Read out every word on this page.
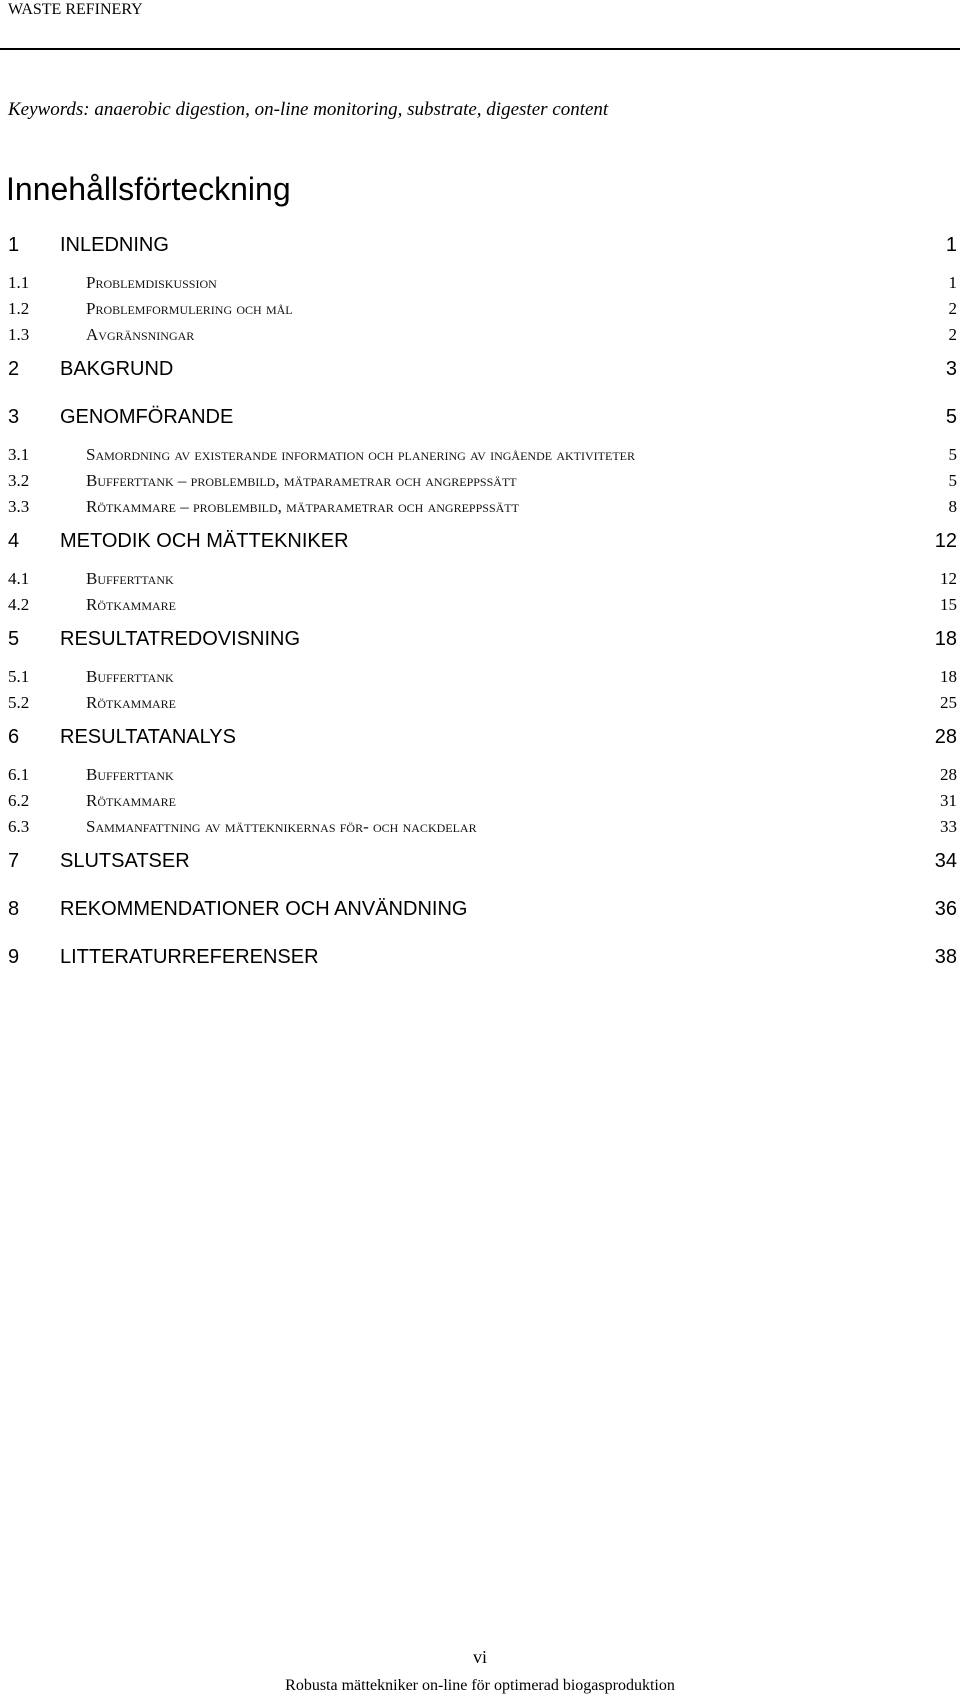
WASTE REFINERY
Keywords: anaerobic digestion, on-line monitoring, substrate, digester content
Innehållsförteckning
1 INLEDNING	1
1.1	Problemdiskussion	1
1.2	Problemformulering och mål	2
1.3	Avgränsningar	2
2 BAKGRUND	3
3 GENOMFÖRANDE	5
3.1	Samordning av existerande information och planering av ingående aktiviteter	5
3.2	Bufferttank – problembild, mätparametrar och angreppssätt	5
3.3	Rötkammare – problembild, mätparametrar och angreppssätt	8
4 METODIK OCH MÄTTEKNIKER	12
4.1	Bufferttank	12
4.2	Rötkammare	15
5 RESULTATREDOVISNING	18
5.1	Bufferttank	18
5.2	Rötkammare	25
6 RESULTATANALYS	28
6.1	Bufferttank	28
6.2	Rötkammare	31
6.3	Sammanfattning av mätteknikernas för- och nackdelar	33
7 SLUTSATSER	34
8 REKOMMENDATIONER OCH ANVÄNDNING	36
9 LITTERATURREFERENSER	38
vi
Robusta mättekniker on-line för optimerad biogasproduktion
